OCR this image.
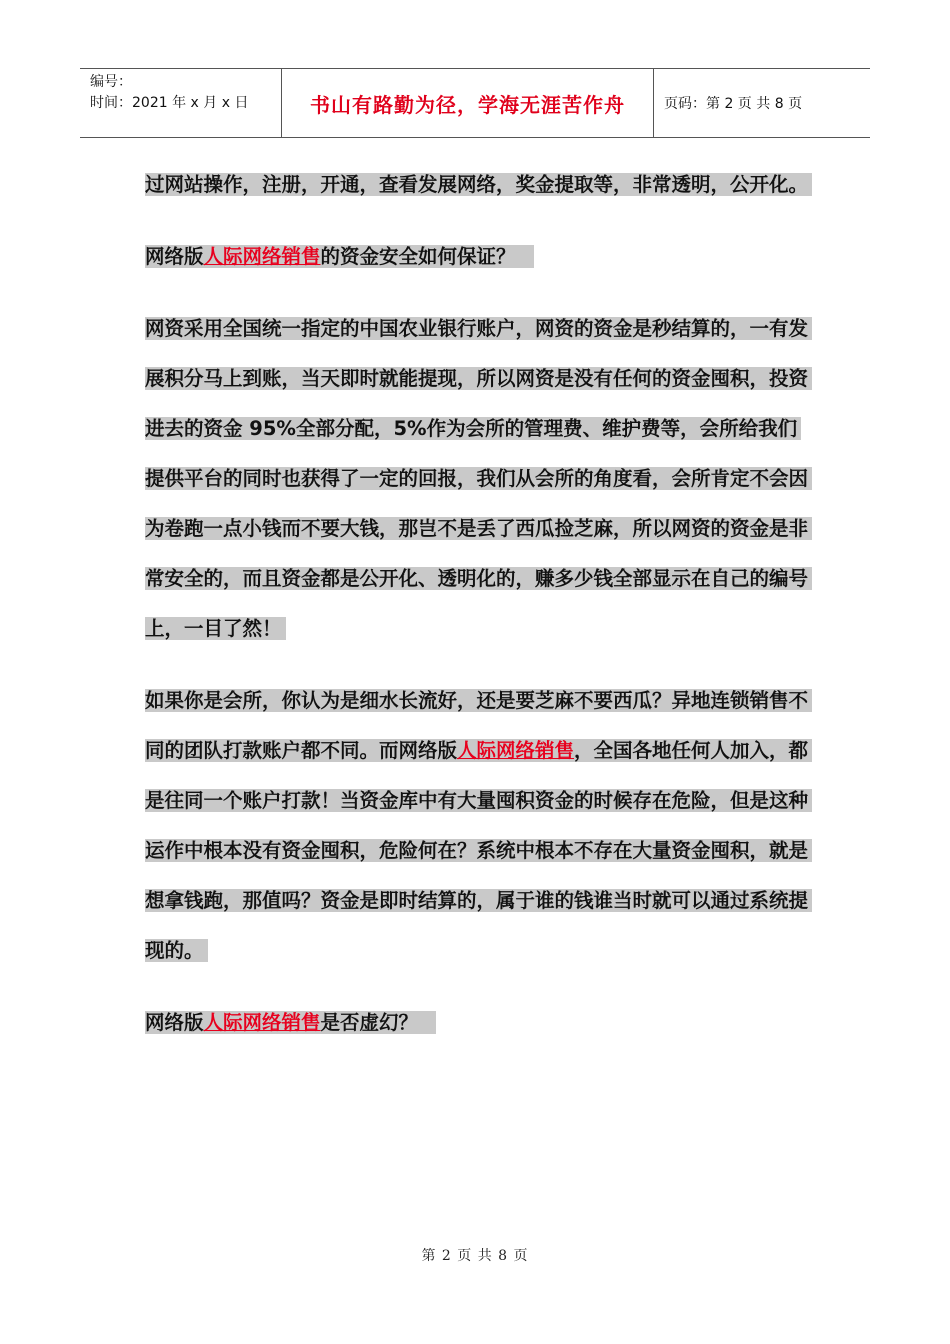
编号：
时间：2021 年 x 月 x 日	书山有路勤为径，学海无涯苦作舟	页码：第 2 页 共 8 页

过网站操作，注册，开通，查看发展网络，奖金提取等，非常透明，公开化。

网络版人际网络销售的资金安全如何保证？

网资采用全国统一指定的中国农业银行账户，网资的资金是秒结算的，一有发展积分马上到账，当天即时就能提现，所以网资是没有任何的资金囤积，投资进去的资金 95%全部分配，5%作为会所的管理费、维护费等，会所给我们提供平台的同时也获得了一定的回报，我们从会所的角度看，会所肯定不会因为卷跑一点小钱而不要大钱，那岂不是丢了西瓜捡芝麻，所以网资的资金是非常安全的，而且资金都是公开化、透明化的，赚多少钱全部显示在自己的编号上，一目了然！

如果你是会所，你认为是细水长流好，还是要芝麻不要西瓜？异地连锁销售不同的团队打款账户都不同。而网络版人际网络销售，全国各地任何人加入，都是往同一个账户打款！当资金库中有大量囤积资金的时候存在危险，但是这种运作中根本没有资金囤积，危险何在？系统中根本不存在大量资金囤积，就是想拿钱跑，那值吗？资金是即时结算的，属于谁的钱谁当时就可以通过系统提现的。

网络版人际网络销售是否虚幻？

第 2 页 共 8 页
